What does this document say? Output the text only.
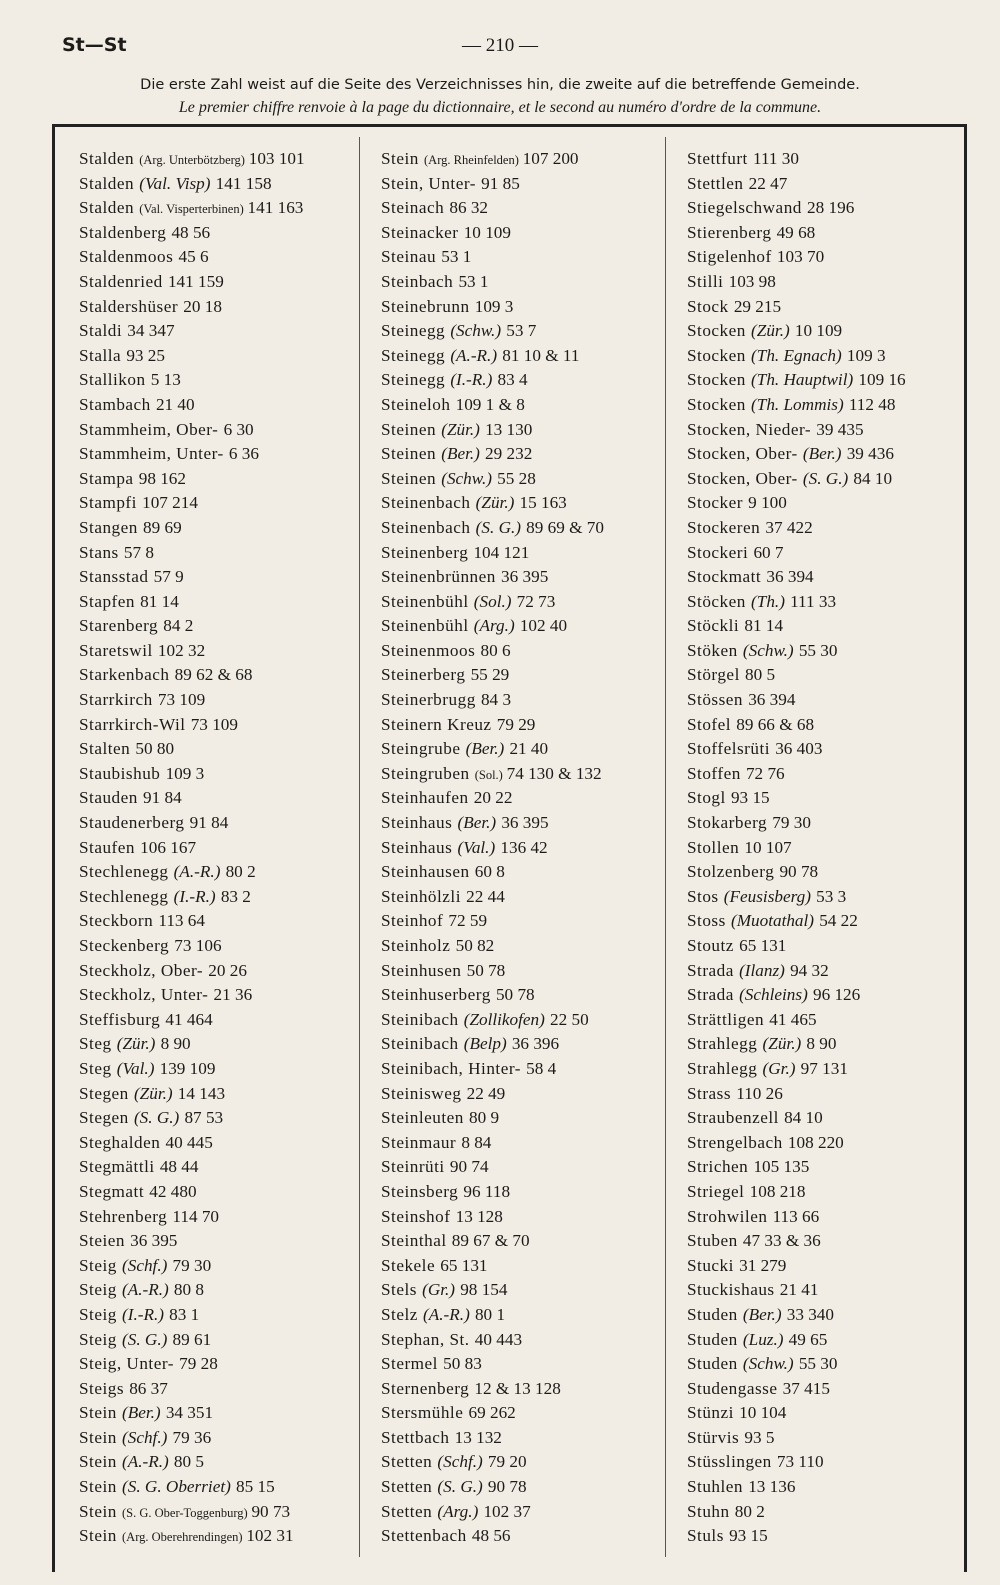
St—St	— 210 —
Die erste Zahl weist auf die Seite des Verzeichnisses hin, die zweite auf die betreffende Gemeinde.
Le premier chiffre renvoie à la page du dictionnaire, et le second au numéro d'ordre de la commune.
Stalden (Arg. Unterbötzberg) 103 101
Stalden (Val. Visp) 141 158
Stalden (Val. Visperterbinen) 141 163
Staldenberg 48 56
Staldenmoos 45 6
Staldenried 141 159
Staldershüser 20 18
Staldi 34 347
Stalla 93 25
Stallikon 5 13
Stambach 21 40
Stammheim, Ober- 6 30
Stammheim, Unter- 6 36
Stampa 98 162
Stampfi 107 214
Stangen 89 69
Stans 57 8
Stansstad 57 9
Stapfen 81 14
Starenberg 84 2
Staretswil 102 32
Starkenbach 89 62 & 68
Starrkirch 73 109
Starrkirch-Wil 73 109
Stalten 50 80
Staubishub 109 3
Stauden 91 84
Staudenerberg 91 84
Staufen 106 167
Stechlenegg (A.-R.) 80 2
Stechlenegg (I.-R.) 83 2
Steckborn 113 64
Steckenberg 73 106
Steckholz, Ober- 20 26
Steckholz, Unter- 21 36
Steffisburg 41 464
Steg (Zür.) 8 90
Steg (Val.) 139 109
Stegen (Zür.) 14 143
Stegen (S. G.) 87 53
Steghalden 40 445
Stegmättli 48 44
Stegmatt 42 480
Stehrenberg 114 70
Steien 36 395
Steig (Schf.) 79 30
Steig (A.-R.) 80 8
Steig (I.-R.) 83 1
Steig (S. G.) 89 61
Steig, Unter- 79 28
Steigs 86 37
Stein (Ber.) 34 351
Stein (Schf.) 79 36
Stein (A.-R.) 80 5
Stein (S. G. Oberriet) 85 15
Stein (S. G. Ober-Toggenburg) 90 73
Stein (Arg. Oberehrendingen) 102 31
Stein (Arg. Rheinfelden) 107 200
Stein, Unter- 91 85
Steinach 86 32
Steinacker 10 109
Steinau 53 1
Steinbach 53 1
Steinebrunn 109 3
Steinegg (Schw.) 53 7
Steinegg (A.-R.) 81 10 & 11
Steinegg (I.-R.) 83 4
Steineloh 109 1 & 8
Steinen (Zür.) 13 130
Steinen (Ber.) 29 232
Steinen (Schw.) 55 28
Steinenbach (Zür.) 15 163
Steinenbach (S. G.) 89 69 & 70
Steinenberg 104 121
Steinenbrünnen 36 395
Steinenbühl (Sol.) 72 73
Steinenbühl (Arg.) 102 40
Steinenmoos 80 6
Steinerberg 55 29
Steinerbrugg 84 3
Steinern Kreuz 79 29
Steingrube (Ber.) 21 40
Steingruben (Sol.) 74 130 & 132
Steinhaufen 20 22
Steinhaus (Ber.) 36 395
Steinhaus (Val.) 136 42
Steinhausen 60 8
Steinhölzli 22 44
Steinhof 72 59
Steinholz 50 82
Steinhusen 50 78
Steinhuserberg 50 78
Steinibach (Zollikofen) 22 50
Steinibach (Belp) 36 396
Steinibach, Hinter- 58 4
Steinisweg 22 49
Steinleuten 80 9
Steinmaur 8 84
Steinrüti 90 74
Steinsberg 96 118
Steinshof 13 128
Steinthal 89 67 & 70
Stekele 65 131
Stels (Gr.) 98 154
Stelz (A.-R.) 80 1
Stephan, St. 40 443
Stermel 50 83
Sternenberg 12 & 13 128
Stersmühle 69 262
Stettbach 13 132
Stetten (Schf.) 79 20
Stetten (S. G.) 90 78
Stetten (Arg.) 102 37
Stettenbach 48 56
Stettfurt 111 30
Stettlen 22 47
Stiegelschwand 28 196
Stierenberg 49 68
Stigelenhof 103 70
Stilli 103 98
Stock 29 215
Stocken (Zür.) 10 109
Stocken (Th. Egnach) 109 3
Stocken (Th. Hauptwil) 109 16
Stocken (Th. Lommis) 112 48
Stocken, Nieder- 39 435
Stocken, Ober- (Ber.) 39 436
Stocken, Ober- (S. G.) 84 10
Stocker 9 100
Stockeren 37 422
Stockeri 60 7
Stockmatt 36 394
Stöcken (Th.) 111 33
Stöckli 81 14
Stöken (Schw.) 55 30
Störgel 80 5
Stössen 36 394
Stofel 89 66 & 68
Stoffelsrüti 36 403
Stoffen 72 76
Stogl 93 15
Stokarberg 79 30
Stollen 10 107
Stolzenberg 90 78
Stos (Feusisberg) 53 3
Stoss (Muotathal) 54 22
Stoutz 65 131
Strada (Ilanz) 94 32
Strada (Schleins) 96 126
Strättligen 41 465
Strahlegg (Zür.) 8 90
Strahlegg (Gr.) 97 131
Strass 110 26
Straubenzell 84 10
Strengelbach 108 220
Strichen 105 135
Striegel 108 218
Strohwilen 113 66
Stuben 47 33 & 36
Stucki 31 279
Stuckishaus 21 41
Studen (Ber.) 33 340
Studen (Luz.) 49 65
Studen (Schw.) 55 30
Studengasse 37 415
Stünzi 10 104
Stürvis 93 5
Stüsslingen 73 110
Stuhlen 13 136
Stuhn 80 2
Stuls 93 15
